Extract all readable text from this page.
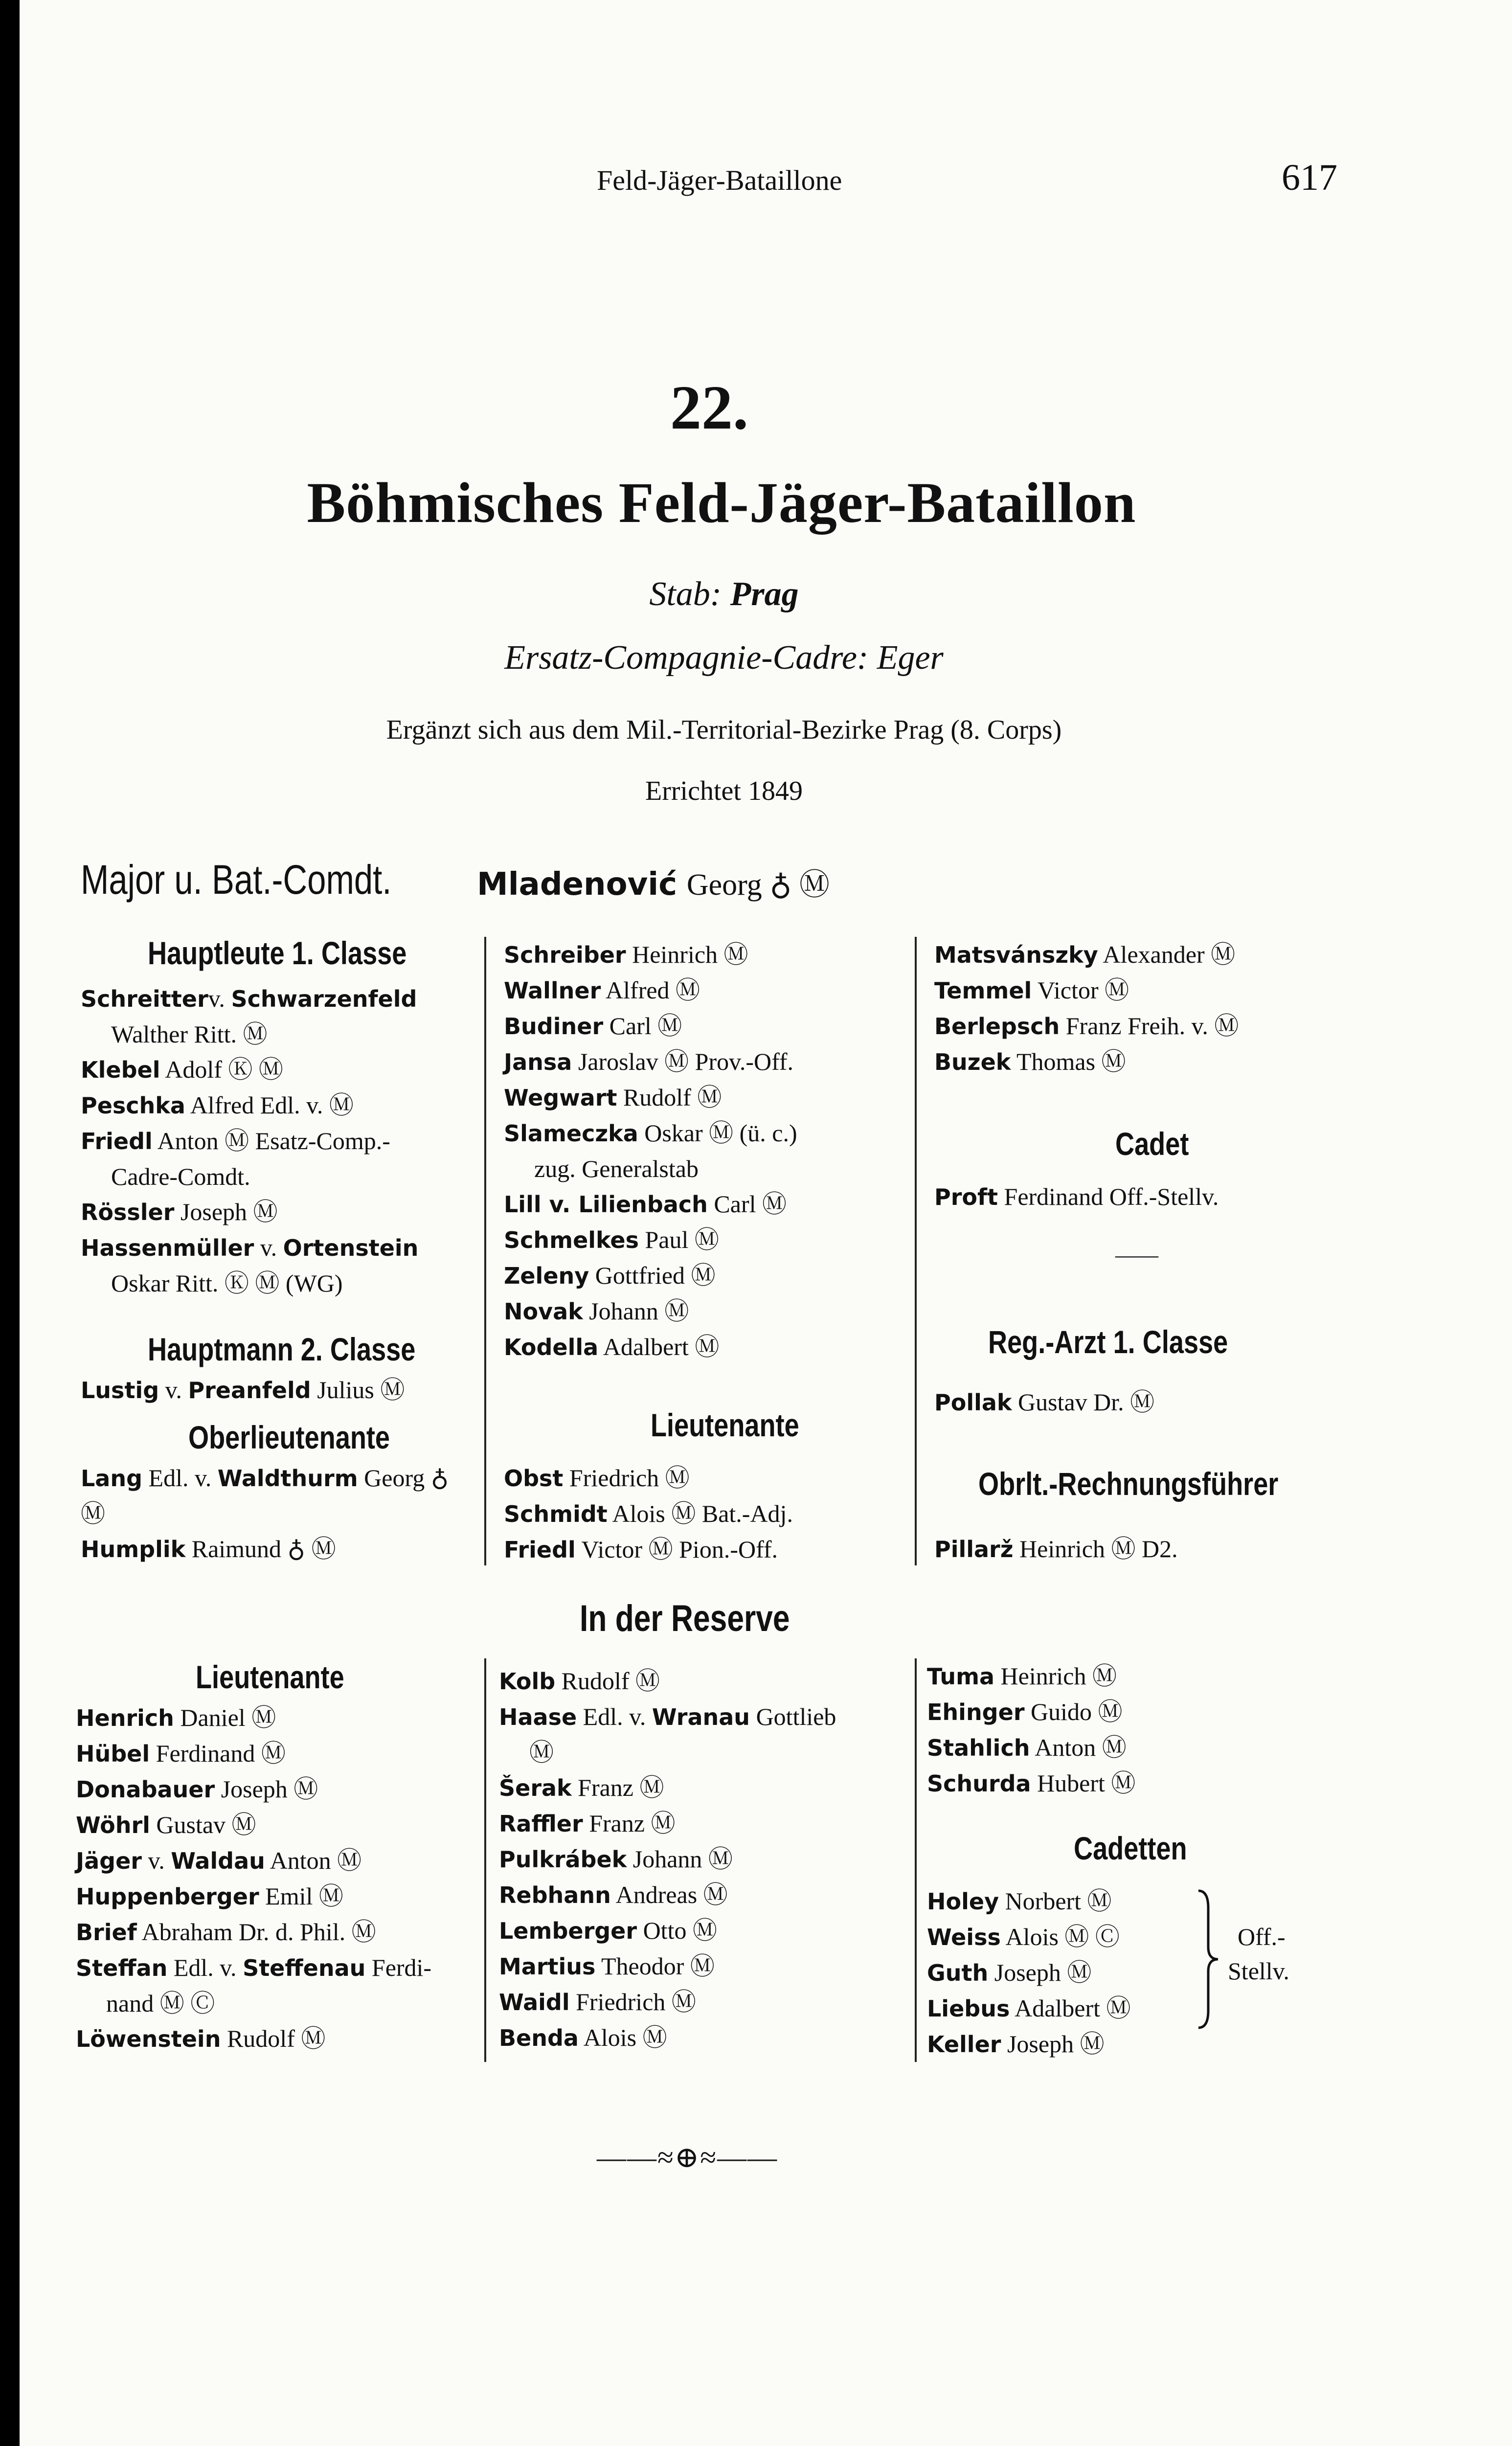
Feld-Jäger-Bataillone	617
22.
Böhmisches Feld-Jäger-Bataillon
Stab: Prag
Ersatz-Compagnie-Cadre: Eger
Ergänzt sich aus dem Mil.-Territorial-Bezirke Prag (8. Corps)
Errichtet 1849
Major u. Bat.-Comdt.	Mladenović Georg ♁ Ⓜ
Hauptleute 1. Classe
Schreitterv. Schwarzenfeld
Walther Ritt. Ⓜ
Klebel Adolf Ⓚ Ⓜ
Peschka Alfred Edl. v. Ⓜ
Friedl Anton Ⓜ Esatz-Comp.-
Cadre-Comdt.
Rössler Joseph Ⓜ
Hassenmüller v. Ortenstein
Oskar Ritt. Ⓚ Ⓜ (WG)
Hauptmann 2. Classe
Lustig v. Preanfeld Julius Ⓜ
Oberlieutenante
Lang Edl. v. Waldthurm Georg ♁
Ⓜ
Humplik Raimund ♁ Ⓜ
Schreiber Heinrich Ⓜ
Wallner Alfred Ⓜ
Budiner Carl Ⓜ
Jansa Jaroslav Ⓜ Prov.-Off.
Wegwart Rudolf Ⓜ
Slameczka Oskar Ⓜ (ü. c.)
zug. Generalstab
Lill v. Lilienbach Carl Ⓜ
Schmelkes Paul Ⓜ
Zeleny Gottfried Ⓜ
Novak Johann Ⓜ
Kodella Adalbert Ⓜ
Lieutenante
Obst Friedrich Ⓜ
Schmidt Alois Ⓜ Bat.-Adj.
Friedl Victor Ⓜ Pion.-Off.
Matsvánszky Alexander Ⓜ
Temmel Victor Ⓜ
Berlepsch Franz Freih. v. Ⓜ
Buzek Thomas Ⓜ
Cadet
Proft Ferdinand Off.-Stellv.
——
Reg.-Arzt 1. Classe
Pollak Gustav Dr. Ⓜ
Obrlt.-Rechnungsführer
Pillarž Heinrich Ⓜ D2.
In der Reserve
Lieutenante
Henrich Daniel Ⓜ
Hübel Ferdinand Ⓜ
Donabauer Joseph Ⓜ
Wöhrl Gustav Ⓜ
Jäger v. Waldau Anton Ⓜ
Huppenberger Emil Ⓜ
Brief Abraham Dr. d. Phil. Ⓜ
Steffan Edl. v. Steffenau Ferdi-
nand Ⓜ Ⓒ
Löwenstein Rudolf Ⓜ
Kolb Rudolf Ⓜ
Haase Edl. v. Wranau Gottlieb
Ⓜ
Šerak Franz Ⓜ
Raffler Franz Ⓜ
Pulkrábek Johann Ⓜ
Rebhann Andreas Ⓜ
Lemberger Otto Ⓜ
Martius Theodor Ⓜ
Waidl Friedrich Ⓜ
Benda Alois Ⓜ
Tuma Heinrich Ⓜ
Ehinger Guido Ⓜ
Stahlich Anton Ⓜ
Schurda Hubert Ⓜ
Cadetten
Holey Norbert Ⓜ
Weiss Alois Ⓜ Ⓒ
Guth Joseph Ⓜ
Liebus Adalbert Ⓜ
Keller Joseph Ⓜ
Off.-
Stellv.
——≈⊕≈——
